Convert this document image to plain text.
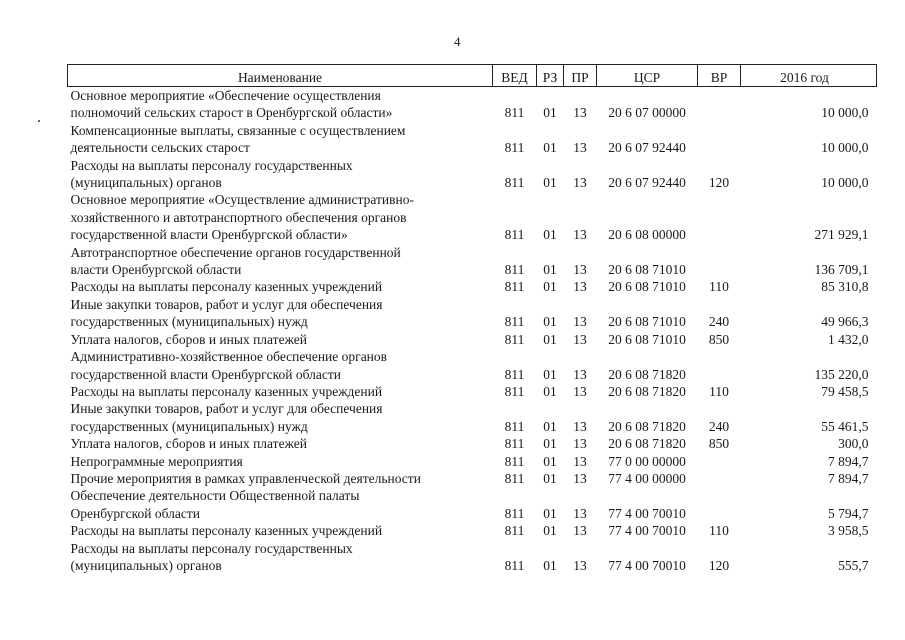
4
Наименование	ВЕД	РЗ	ПР	ЦСР	ВР	2016 год

Основное мероприятие «Обеспечение осуществления
полномочий сельских старост в Оренбургской области»	811	01	13	20 6 07 00000		10 000,0

Компенсационные выплаты, связанные с осуществлением
деятельности сельских старост	811	01	13	20 6 07 92440		10 000,0

Расходы на выплаты персоналу государственных
(муниципальных) органов	811	01	13	20 6 07 92440	120	10 000,0

Основное мероприятие «Осуществление административно-
хозяйственного и автотранспортного обеспечения органов
государственной власти Оренбургской области»	811	01	13	20 6 08 00000		271 929,1

Автотранспортное обеспечение органов государственной
власти Оренбургской области	811	01	13	20 6 08 71010		136 709,1

Расходы на выплаты персоналу казенных учреждений	811	01	13	20 6 08 71010	110	85 310,8

Иные закупки товаров, работ и услуг для обеспечения
государственных (муниципальных) нужд	811	01	13	20 6 08 71010	240	49 966,3

Уплата налогов, сборов и иных платежей	811	01	13	20 6 08 71010	850	1 432,0

Административно-хозяйственное обеспечение органов
государственной власти Оренбургской области	811	01	13	20 6 08 71820		135 220,0

Расходы на выплаты персоналу казенных учреждений	811	01	13	20 6 08 71820	110	79 458,5

Иные закупки товаров, работ и услуг для обеспечения
государственных (муниципальных) нужд	811	01	13	20 6 08 71820	240	55 461,5

Уплата налогов, сборов и иных платежей	811	01	13	20 6 08 71820	850	300,0

Непрограммные мероприятия	811	01	13	77 0 00 00000		7 894,7

Прочие мероприятия в рамках управленческой деятельности	811	01	13	77 4 00 00000		7 894,7

Обеспечение деятельности Общественной палаты
Оренбургской области	811	01	13	77 4 00 70010		5 794,7

Расходы на выплаты персоналу казенных учреждений	811	01	13	77 4 00 70010	110	3 958,5

Расходы на выплаты персоналу государственных
(муниципальных) органов	811	01	13	77 4 00 70010	120	555,7
